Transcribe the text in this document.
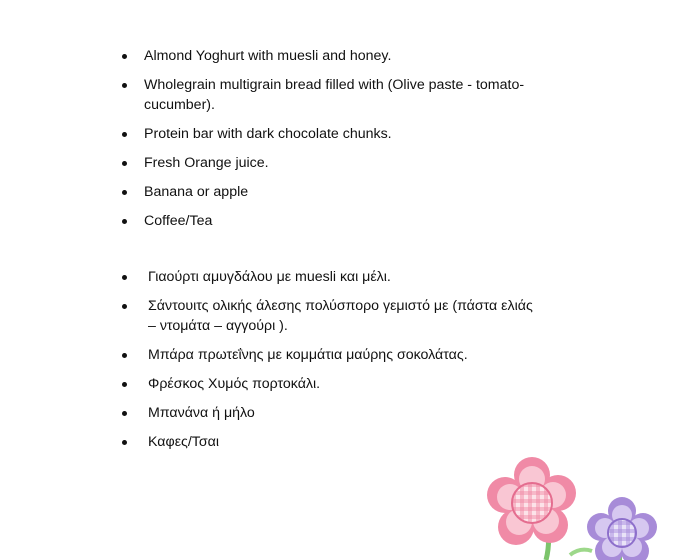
Almond Yoghurt with muesli and honey.
Wholegrain multigrain bread filled with (Olive paste - tomato- cucumber).
Protein bar with dark chocolate chunks.
Fresh Orange juice.
Banana or apple
Coffee/Tea
Γιαούρτι αμυγδάλου με muesli και μέλι.
Σάντουιτς ολικής άλεσης πολύσπορο γεμιστό με (πάστα ελιάς – ντομάτα – αγγούρι ).
Μπάρα πρωτεΐνης με κομμάτια μαύρης σοκολάτας.
Φρέσκος Χυμός πορτοκάλι.
Μπανάνα ή μήλο
Καφες/Τσαι
